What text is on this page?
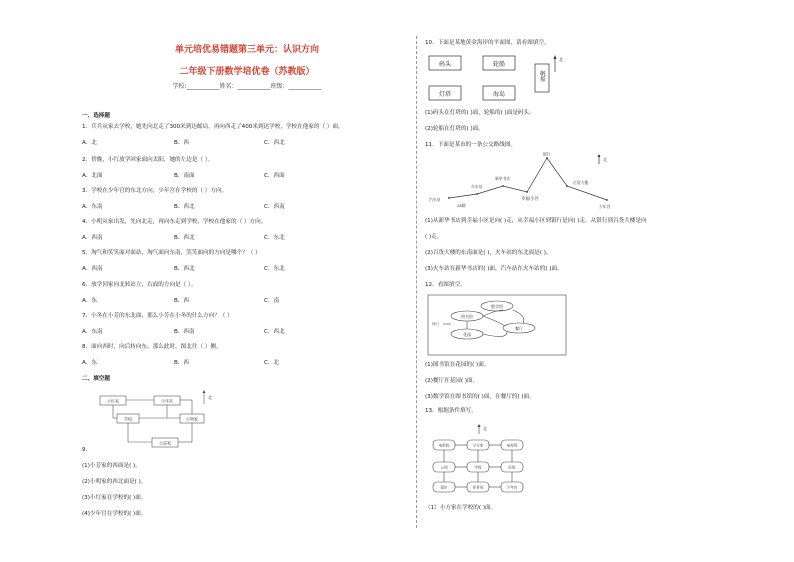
单元培优易错题第三单元：认识方向
二年级下册数学培优卷（苏教版）
学校:___________姓名：___________班级：___________
一、选择题
1．兵兵从家去学校，她先向北走了300米到达邮局，再向西走了400米到达学校，学校在他家的（ ）面。
A．北	B．西	C．西北
2．傍晚，小红放学回家面向太阳，她的左边是（ ）。
A．北面	B．南面	C．西面
3．学校在少年宫的东北方向，少年宫在学校的（ ）方向。
A．东南	B．西北	C．西南
4．小明从家出发，先向北走，再向东走到学校，学校在他家的（ ）方向。
A．西南	B．西北	C．东北
5．淘气和笑笑面对面站，淘气面向东南，笑笑面向的方向是哪个？（ ）
A．西南	B．西北	C．东北
6．放学回家向北转站立，右面的方向是（ ）。
A．东	B．西	C．南
7．小冬在小芳的东北面，那么小芳在小冬的什么方向？（ ）
A．东南	B．西南	C．西北
8．面向西时，向后转向东。那么此时，图北往（ ）侧。
A．东	B．西	C．北
二、填空题
小红家	少年宫
学校	小明家
小虎家
北
9．
(1)小芳家的西面是( )。
(2)小明家的西北面是( )。
(3)小红家在学校的( )面。
(4)少年宫在学校的( )面。
10．下面是某地黄金海岸的平面图，请看图填空。
码头	轮船
灯塔	海岛
帆船
北
(1)码头在灯塔的( )面，轮船的( )面是码头。
(2)轮船在灯塔的( )面。
11．下面是某市的一条公交路线图。
汽车站
火车站
新华书店
幸福小区
银行
百货大楼
少年宫
28路
北
(1)从新华书店到幸福小区是向( )走，从幸福小区到银行是向( )走，从银行到百货大楼是向
( )走。
(2)百货大楼的东南面是( )，火车站的东北面是( )。
(3)火车站在新华书店的( )面，汽车站在火车站的( )面。
12．看图填空。
西门
花园
数学馆
图书馆
餐厅
(1)图书馆在花园的( )面。
(2)餐厅在花园( )面。
(3)数学馆在图书馆的( )面，在餐厅的( )面。
13．根据条件填写。
北
电影院	小方家	电视塔
公园	学校	医院
超市	体育场	少年宫
（1）小方家在学校的( )面。
